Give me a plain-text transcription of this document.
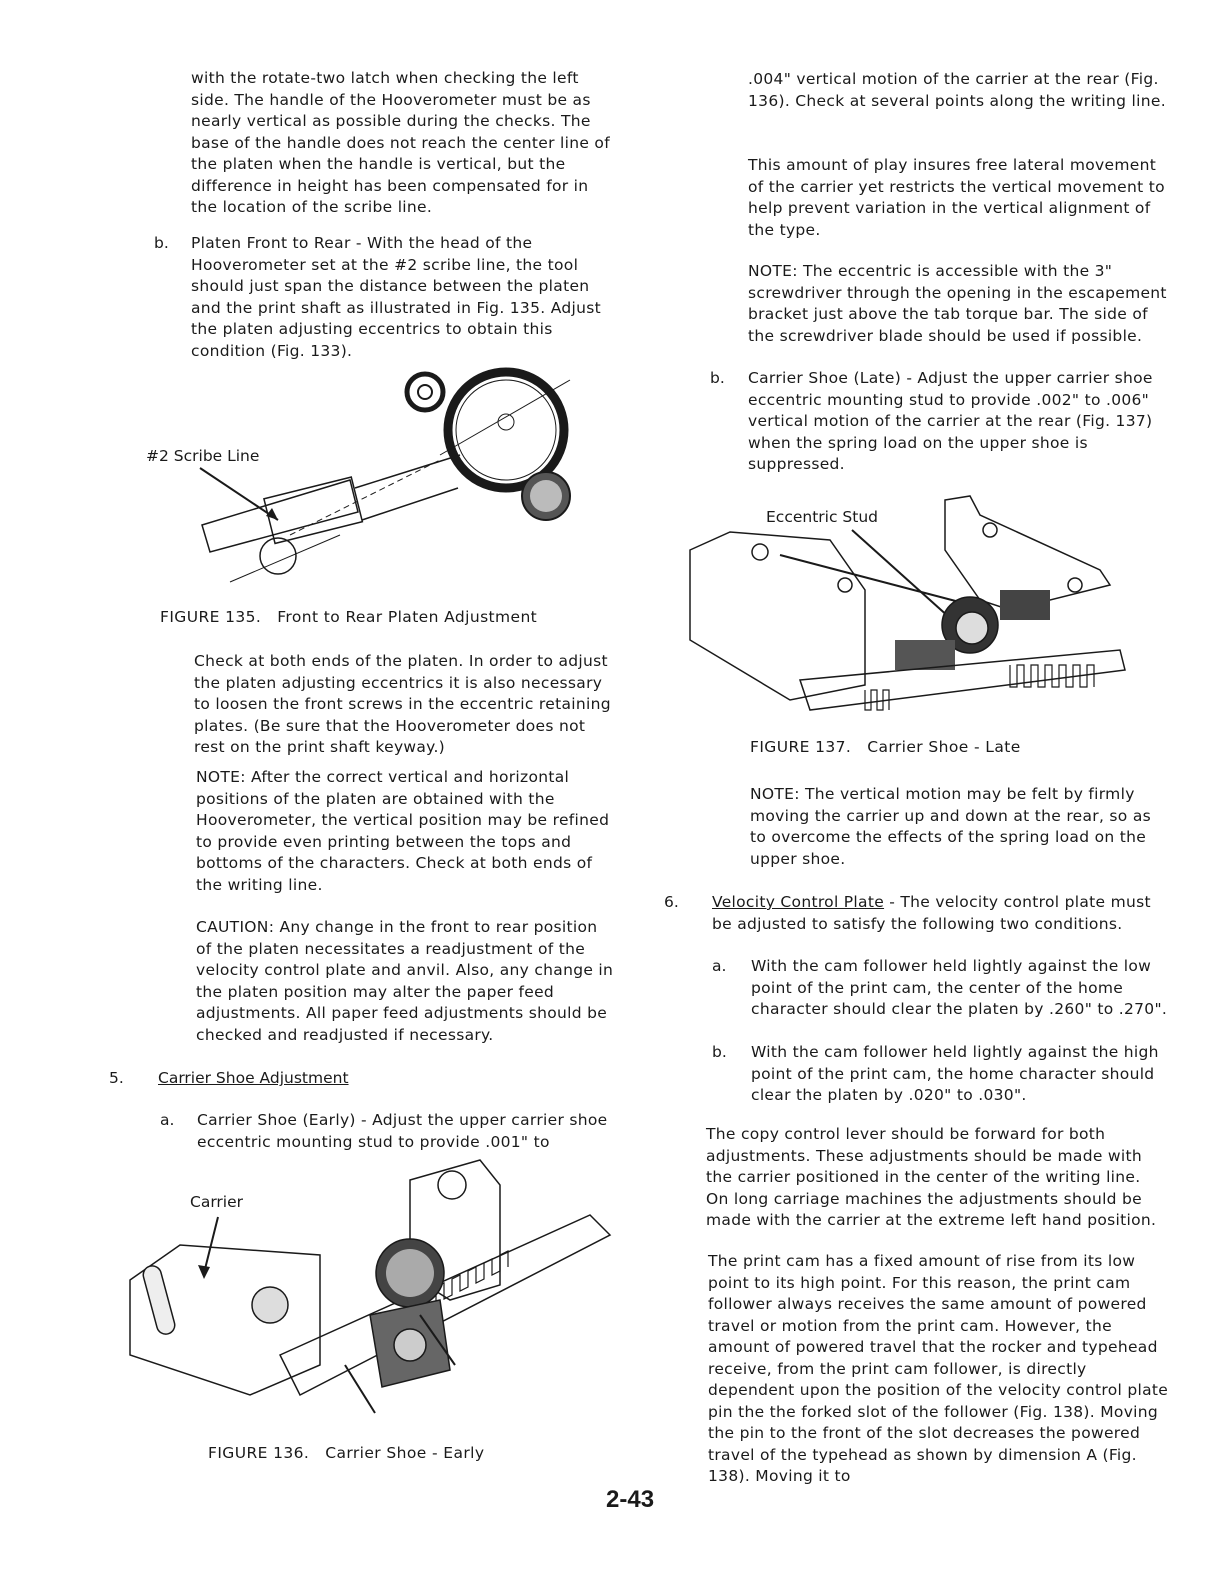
with the rotate-two latch when checking the left side. The handle of the Hooverometer must be as nearly vertical as possible during the checks. The base of the handle does not reach the center line of the platen when the handle is vertical, but the difference in height has been compensated for in the location of the scribe line.

b. Platen Front to Rear - With the head of the Hooverometer set at the #2 scribe line, the tool should just span the distance between the platen and the print shaft as illustrated in Fig. 135. Adjust the platen adjusting eccentrics to obtain this condition (Fig. 133).

#2 Scribe Line
FIGURE 135.   Front to Rear Platen Adjustment

Check at both ends of the platen. In order to adjust the platen adjusting eccentrics it is also necessary to loosen the front screws in the eccentric retaining plates. (Be sure that the Hooverometer does not rest on the print shaft keyway.)

NOTE: After the correct vertical and horizontal positions of the platen are obtained with the Hooverometer, the vertical position may be refined to provide even printing between the tops and bottoms of the characters. Check at both ends of the writing line.

CAUTION: Any change in the front to rear position of the platen necessitates a readjustment of the velocity control plate and anvil. Also, any change in the platen position may alter the paper feed adjustments. All paper feed adjustments should be checked and readjusted if necessary.

5. Carrier Shoe Adjustment
a. Carrier Shoe (Early) - Adjust the upper carrier shoe eccentric mounting stud to provide .001" to

Carrier
FIGURE 136.   Carrier Shoe - Early

.004" vertical motion of the carrier at the rear (Fig. 136). Check at several points along the writing line.

This amount of play insures free lateral movement of the carrier yet restricts the vertical movement to help prevent variation in the vertical alignment of the type.

NOTE: The eccentric is accessible with the 3" screwdriver through the opening in the escapement bracket just above the tab torque bar. The side of the screwdriver blade should be used if possible.

b. Carrier Shoe (Late) - Adjust the upper carrier shoe eccentric mounting stud to provide .002" to .006" vertical motion of the carrier at the rear (Fig. 137) when the spring load on the upper shoe is suppressed.

Eccentric Stud
FIGURE 137.   Carrier Shoe - Late

NOTE: The vertical motion may be felt by firmly moving the carrier up and down at the rear, so as to overcome the effects of the spring load on the upper shoe.

6. Velocity Control Plate - The velocity control plate must be adjusted to satisfy the following two conditions.

a. With the cam follower held lightly against the low point of the print cam, the center of the home character should clear the platen by .260" to .270".

b. With the cam follower held lightly against the high point of the print cam, the home character should clear the platen by .020" to .030".

The copy control lever should be forward for both adjustments. These adjustments should be made with the carrier positioned in the center of the writing line. On long carriage machines the adjustments should be made with the carrier at the extreme left hand position.

The print cam has a fixed amount of rise from its low point to its high point. For this reason, the print cam follower always receives the same amount of powered travel or motion from the print cam. However, the amount of powered travel that the rocker and typehead receive, from the print cam follower, is directly dependent upon the position of the velocity control plate pin the the forked slot of the follower (Fig. 138). Moving the pin to the front of the slot decreases the powered travel of the typehead as shown by dimension A (Fig. 138). Moving it to

2-43
